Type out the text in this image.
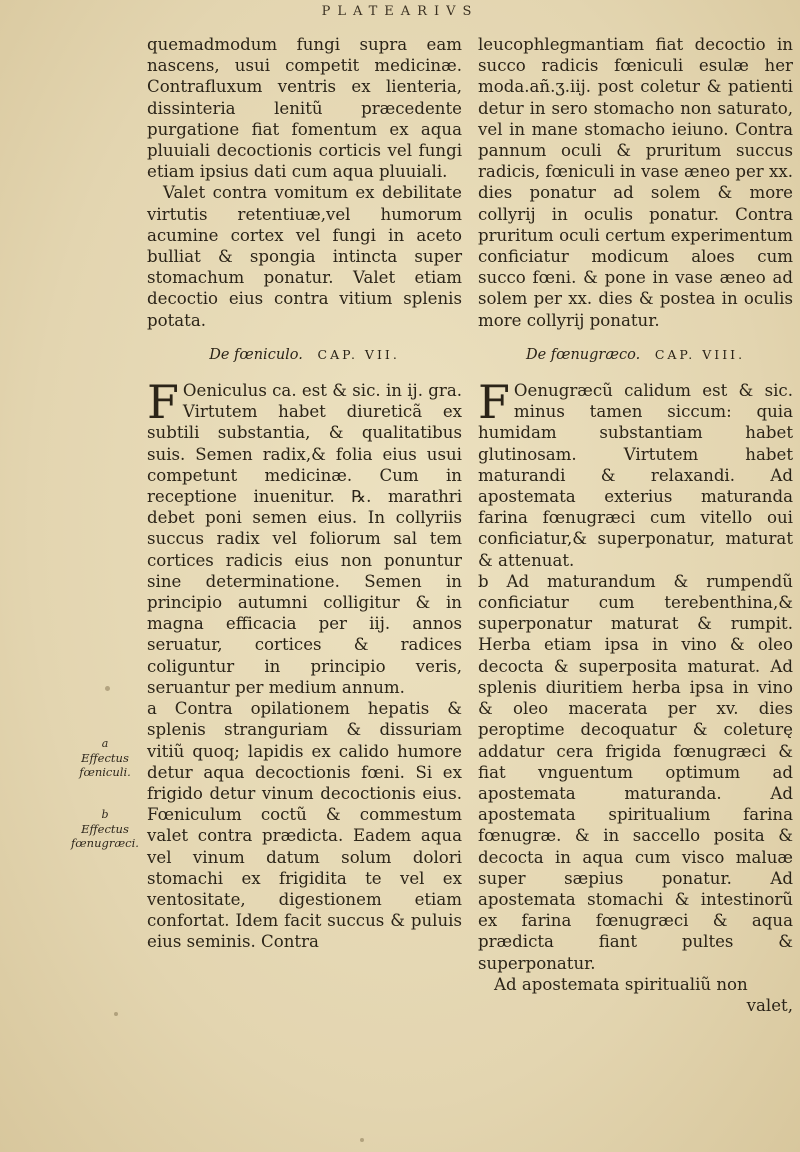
PLATEARIVS

quemadmodum fungi supra eam nascens, usui competit medicinæ. Contrafluxum ventris ex lienteria, dissinteria lenitũ præcedente purgatione fiat fomentum ex aqua pluuiali decoctionis corticis vel fungi etiam ipsius dati cum aqua pluuiali.

Valet contra vomitum ex debilitate virtutis retentiuæ,vel humorum acumine cortex vel fungi in aceto bulliat & spongia intincta super stomachum ponatur. Valet etiam decoctio eius contra vitium splenis potata.

De fœniculo. CAP. VII.

F Oeniculus ca. est & sic. in ij. gra. Virtutem habet diureticã ex subtili substantia, & qualitatibus suis. Semen radix,& folia eius usui competunt medicinæ. Cum in receptione inuenitur. ℞. marathri debet poni semen eius. In collyriis succus radix vel foliorum sal tem cortices radicis eius non ponuntur sine determinatione. Semen in principio autumni colligitur & in magna efficacia per iij. annos seruatur, cortices & radices coliguntur in principio veris, seruantur per medium annum.

a Contra opilationem hepatis & splenis stranguriam & dissuriam vitiũ quoq; lapidis ex calido humore detur aqua decoctionis fœni. Si ex frigido detur vinum decoctionis eius. Fœniculum coctũ & commestum valet contra prædicta. Eadem aqua vel vinum datum solum dolori stomachi ex frigidita te vel ex ventositate, digestionem etiam confortat. Idem facit succus & puluis eius seminis. Contra

leucophlegmantiam fiat decoctio in succo radicis fœniculi esulæ her moda.añ.ʒ.iij. post coletur & patienti detur in sero stomacho non saturato, vel in mane stomacho ieiuno. Contra pannum oculi & pruritum succus radicis, fœniculi in vase æneo per xx. dies ponatur ad solem & more collyrij in oculis ponatur. Contra pruritum oculi certum experimentum conficiatur modicum aloes cum succo fœni. & pone in vase æneo ad solem per xx. dies & postea in oculis more collyrij ponatur.

De fœnugræco. CAP. VIII.

F Oenugræcũ calidum est & sic. minus tamen siccum: quia humidam substantiam habet glutinosam. Virtutem habet maturandi & relaxandi. Ad apostemata exterius maturanda farina fœnugræci cum vitello oui conficiatur,& superponatur, maturat & attenuat.

b Ad maturandum & rumpendũ conficiatur cum terebenthina,& superponatur maturat & rumpit. Herba etiam ipsa in vino & oleo decocta & superposita maturat. Ad splenis diuritiem herba ipsa in vino & oleo macerata per xv. dies peroptime decoquatur & coleturę addatur cera frigida fœnugræci & fiat vnguentum optimum ad apostemata maturanda. Ad apostemata spiritualium farina fœnugræ. & in saccello posita & decocta in aqua cum visco maluæ super sæpius ponatur. Ad apostemata stomachi & intestinorũ ex farina fœnugræci & aqua prædicta fiant pultes & superponatur.

Ad apostemata spiritualiũ non

valet,

a
Effectus fœniculi.
b
Effectus fœnugræci.
